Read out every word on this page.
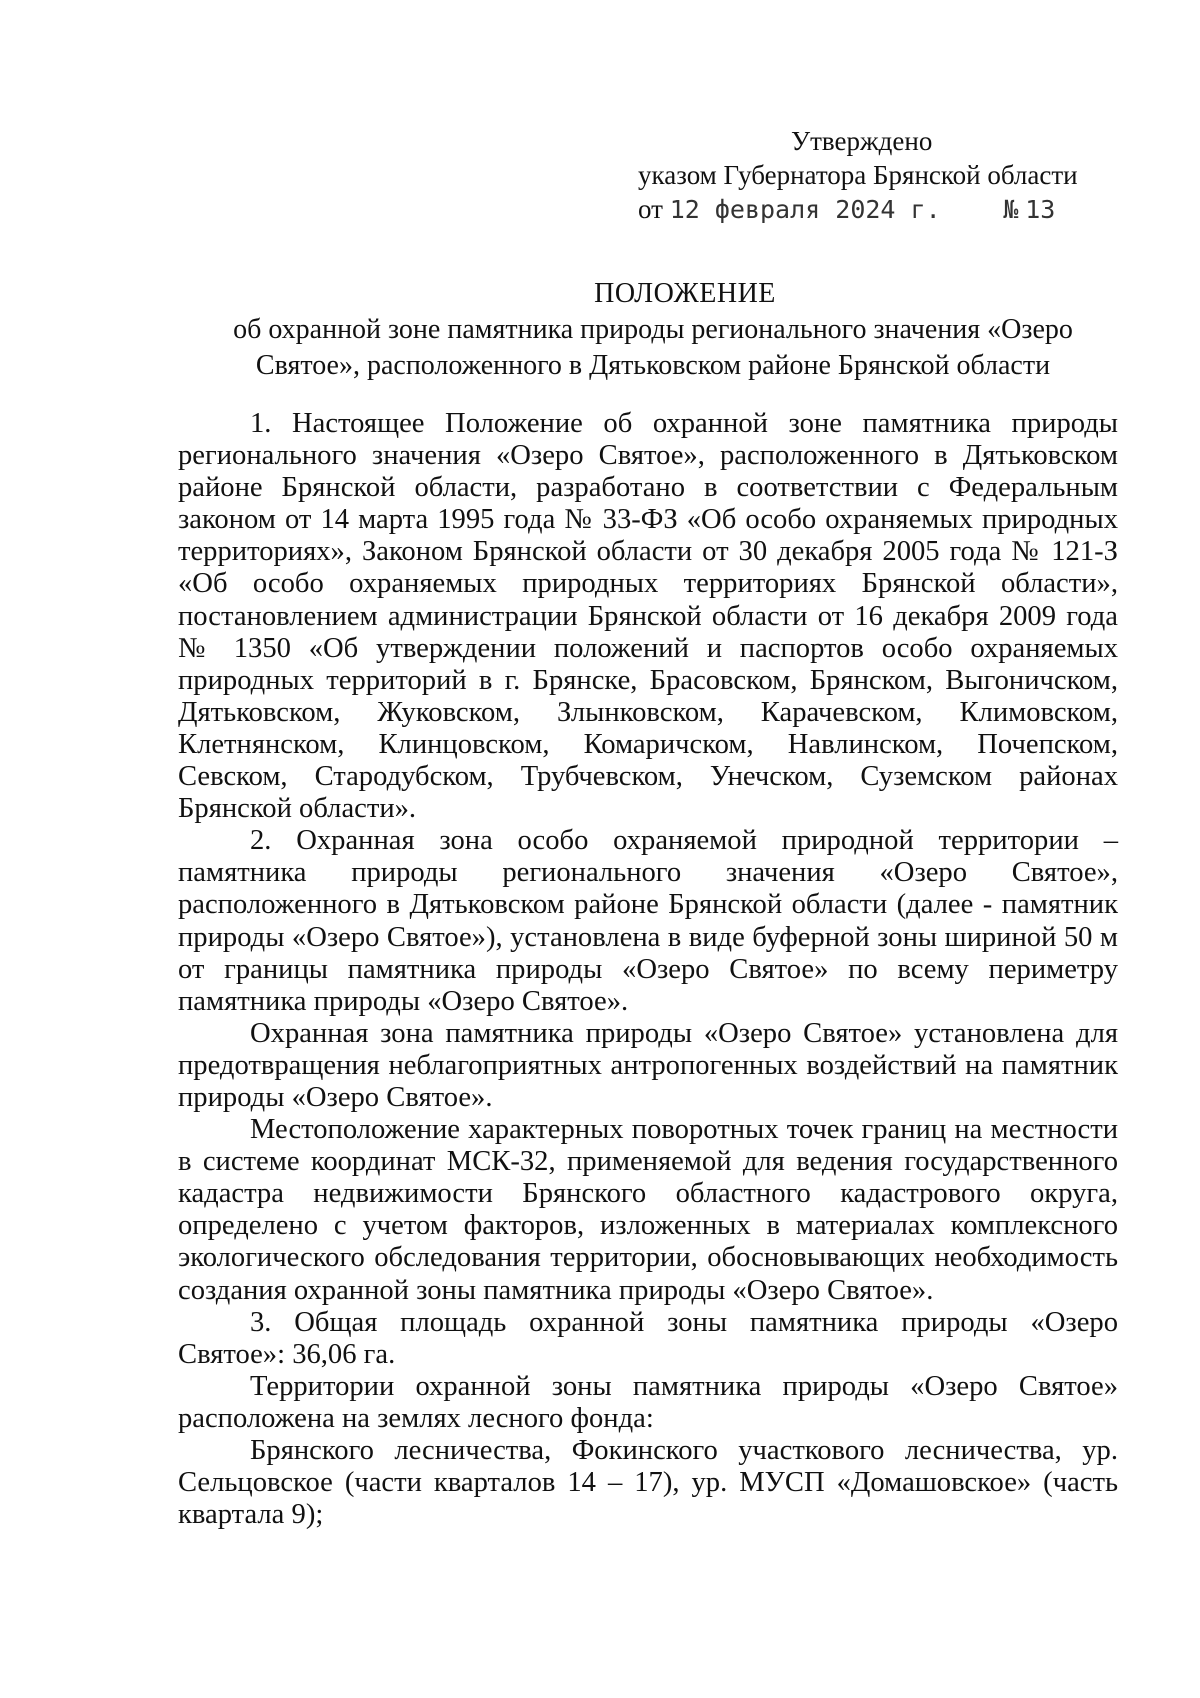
Утверждено
указом Губернатора Брянской области
от 12 февраля 2024 г.	№ 13
ПОЛОЖЕНИЕ
об охранной зоне памятника природы регионального значения «Озеро
Святое», расположенного в Дятьковском районе Брянской области

1. Настоящее Положение об охранной зоне памятника природы регионального значения «Озеро Святое», расположенного в Дятьковском районе Брянской области, разработано в соответствии с Федеральным законом от 14 марта 1995 года № 33-ФЗ «Об особо охраняемых природных территориях», Законом Брянской области от 30 декабря 2005 года № 121-З «Об особо охраняемых природных территориях Брянской области», постановлением администрации Брянской области от 16 декабря 2009 года № 1350 «Об утверждении положений и паспортов особо охраняемых природных территорий в г. Брянске, Брасовском, Брянском, Выгоничском, Дятьковском, Жуковском, Злынковском, Карачевском, Климовском, Клетнянском, Клинцовском, Комаричском, Навлинском, Почепском, Севском, Стародубском, Трубчевском, Унечском, Суземском районах Брянской области».

2. Охранная зона особо охраняемой природной территории – памятника природы регионального значения «Озеро Святое», расположенного в Дятьковском районе Брянской области (далее - памятник природы «Озеро Святое»), установлена в виде буферной зоны шириной 50 м от границы памятника природы «Озеро Святое» по всему периметру памятника природы «Озеро Святое».

Охранная зона памятника природы «Озеро Святое» установлена для предотвращения неблагоприятных антропогенных воздействий на памятник природы «Озеро Святое».

Местоположение характерных поворотных точек границ на местности в системе координат МСК-32, применяемой для ведения государственного кадастра недвижимости Брянского областного кадастрового округа, определено с учетом факторов, изложенных в материалах комплексного экологического обследования территории, обосновывающих необходимость создания охранной зоны памятника природы «Озеро Святое».

3. Общая площадь охранной зоны памятника природы «Озеро Святое»: 36,06 га.

Территории охранной зоны памятника природы «Озеро Святое» расположена на землях лесного фонда:

Брянского лесничества, Фокинского участкового лесничества, ур. Сельцовское (части кварталов 14 – 17), ур. МУСП «Домашовское» (часть квартала 9);
